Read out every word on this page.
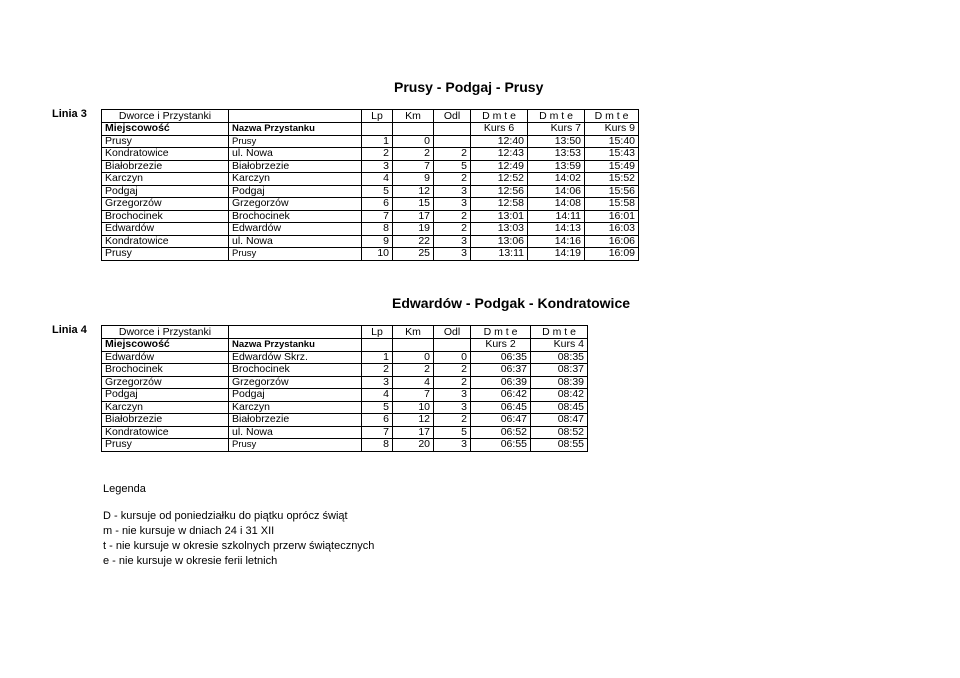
Prusy - Podgaj - Prusy
Linia 3	Dworce i Przystanki		Lp	Km	Odl	D m t e	D m t e	D m t e
Miejscowość	Nazwa Przystanku				Kurs 6	Kurs 7	Kurs 9
Prusy	Prusy	1	0		12:40	13:50	15:40
Kondratowice	ul. Nowa	2	2	2	12:43	13:53	15:43
Białobrzezie	Białobrzezie	3	7	5	12:49	13:59	15:49
Karczyn	Karczyn	4	9	2	12:52	14:02	15:52
Podgaj	Podgaj	5	12	3	12:56	14:06	15:56
Grzegorzów	Grzegorzów	6	15	3	12:58	14:08	15:58
Brochocinek	Brochocinek	7	17	2	13:01	14:11	16:01
Edwardów	Edwardów	8	19	2	13:03	14:13	16:03
Kondratowice	ul. Nowa	9	22	3	13:06	14:16	16:06
Prusy	Prusy	10	25	3	13:11	14:19	16:09
Edwardów - Podgak - Kondratowice
Linia 4	Dworce i Przystanki		Lp	Km	Odl	D m t e	D m t e
Miejscowość	Nazwa Przystanku				Kurs 2	Kurs 4
Edwardów	Edwardów Skrz.	1	0	0	06:35	08:35
Brochocinek	Brochocinek	2	2	2	06:37	08:37
Grzegorzów	Grzegorzów	3	4	2	06:39	08:39
Podgaj	Podgaj	4	7	3	06:42	08:42
Karczyn	Karczyn	5	10	3	06:45	08:45
Białobrzezie	Białobrzezie	6	12	2	06:47	08:47
Kondratowice	ul. Nowa	7	17	5	06:52	08:52
Prusy	Prusy	8	20	3	06:55	08:55
Legenda
D - kursuje od poniedziałku do piątku oprócz świąt
m - nie kursuje w dniach 24 i 31 XII
t - nie kursuje w okresie szkolnych przerw świątecznych
e - nie kursuje w okresie ferii letnich
